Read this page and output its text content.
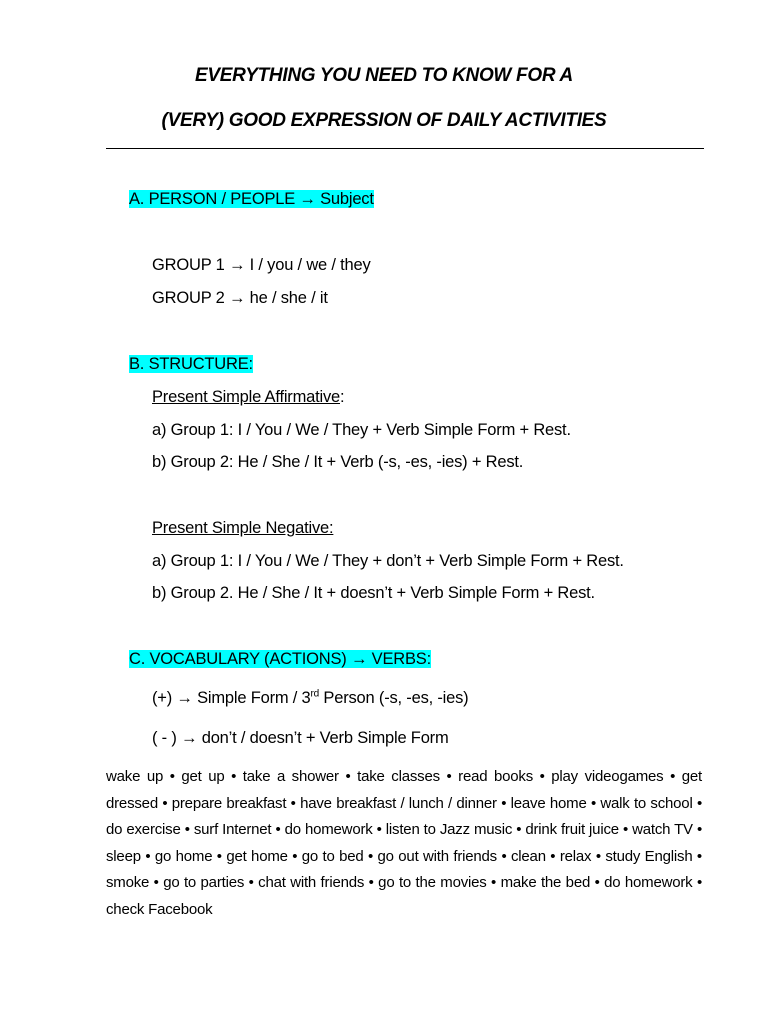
EVERYTHING YOU NEED TO KNOW FOR A
(VERY) GOOD EXPRESSION OF DAILY ACTIVITIES
A. PERSON / PEOPLE → Subject
GROUP 1 → I / you / we / they
GROUP 2 → he / she / it
B. STRUCTURE:
Present Simple Affirmative:
a) Group 1: I / You / We / They + Verb Simple Form + Rest.
b) Group 2: He / She / It + Verb (-s, -es, -ies) + Rest.
Present Simple Negative:
a) Group 1: I / You / We / They + don’t + Verb Simple Form + Rest.
b) Group 2. He / She / It + doesn’t + Verb Simple Form + Rest.
C. VOCABULARY (ACTIONS) → VERBS:
(+) → Simple Form / 3rd Person (-s, -es, -ies)
( - ) → don’t / doesn’t + Verb Simple Form

wake up • get up • take a shower • take classes • read books • play videogames • get dressed • prepare breakfast • have breakfast / lunch / dinner • leave home • walk to school • do exercise • surf Internet • do homework • listen to Jazz music • drink fruit juice • watch TV • sleep • go home • get home • go to bed • go out with friends • clean • relax • study English • smoke • go to parties • chat with friends • go to the movies • make the bed • do homework • check Facebook
